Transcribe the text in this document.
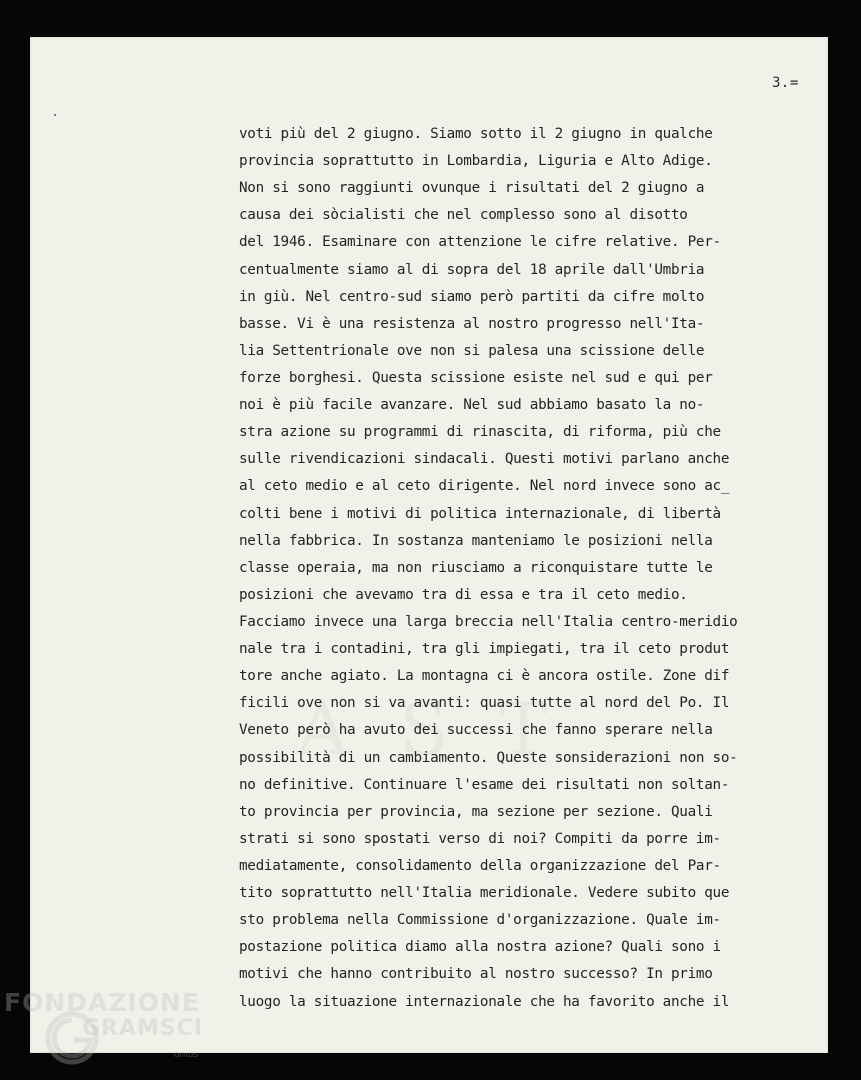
3.=
voti più del 2 giugno. Siamo sotto il 2 giugno in qualche
provincia soprattutto in Lombardia, Liguria e Alto Adige.
Non si sono raggiunti ovunque i risultati del 2 giugno a
causa dei sòcialisti che nel complesso sono al disotto
del 1946. Esaminare con attenzione le cifre relative. Per-
centualmente siamo al di sopra del 18 aprile dall'Umbria
in giù. Nel centro-sud siamo però partiti da cifre molto
basse. Vi è una resistenza al nostro progresso nell'Ita-
lia Settentrionale ove non si palesa una scissione delle
forze borghesi. Questa scissione esiste nel sud e qui per
noi è più facile avanzare. Nel sud abbiamo basato la no-
stra azione su programmi di rinascita, di riforma, più che
sulle rivendicazioni sindacali. Questi motivi parlano anche
al ceto medio e al ceto dirigente. Nel nord invece sono ac_
colti bene i motivi di politica internazionale, di libertà
nella fabbrica. In sostanza manteniamo le posizioni nella
classe operaia, ma non riusciamo a riconquistare tutte le
posizioni che avevamo tra di essa e tra il ceto medio.
Facciamo invece una larga breccia nell'Italia centro-meridio
nale tra i contadini, tra gli impiegati, tra il ceto produt
tore anche agiato. La montagna ci è ancora ostile. Zone dif
ficili ove non si va avanti: quasi tutte al nord del Po. Il
Veneto però ha avuto dei successi che fanno sperare nella
possibilità di un cambiamento. Queste sonsiderazioni non so-
no definitive. Continuare l'esame dei risultati non soltan-
to provincia per provincia, ma sezione per sezione. Quali
strati si sono spostati verso di noi? Compiti da porre im-
mediatamente, consolidamento della organizzazione del Par-
tito soprattutto nell'Italia meridionale. Vedere subito que
sto problema nella Commissione d'organizzazione. Quale im-
postazione politica diamo alla nostra azione? Quali sono i
motivi che hanno contribuito al nostro successo? In primo
luogo la situazione internazionale che ha favorito anche il
FONDAZIONE
GRAMSCI
onlus
